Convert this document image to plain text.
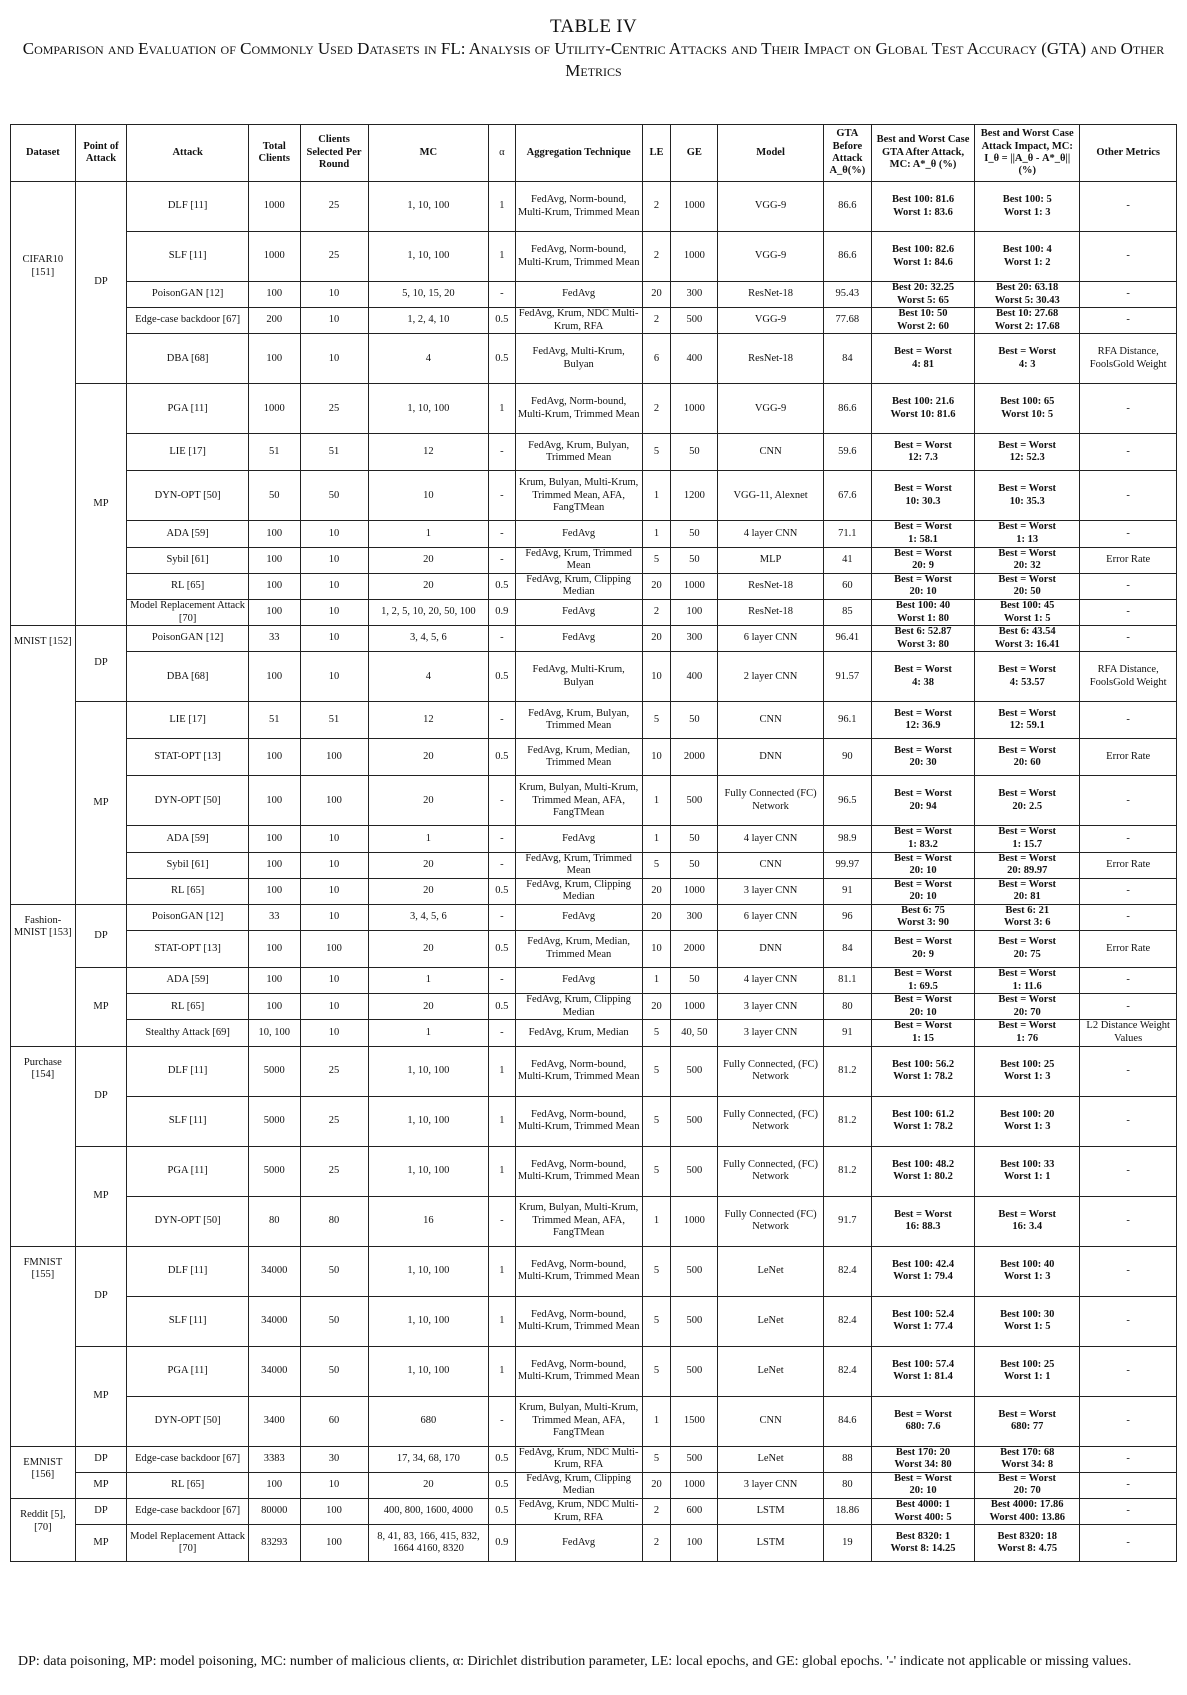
TABLE IV
Comparison and Evaluation of Commonly Used Datasets in FL: Analysis of Utility-Centric Attacks and Their Impact on Global Test Accuracy (GTA) and Other Metrics
Dataset	Point of Attack	Attack	Total Clients	Clients Selected Per Round	MC	α	Aggregation Technique	LE	GE	Model	GTA Before Attack A_θ(%)	Best and Worst Case GTA After Attack, MC: A*_θ (%)	Best and Worst Case Attack Impact, MC: I_θ = ||A_θ - A*_θ|| (%)	Other Metrics
CIFAR10 [151]	DP	DLF [11]	1000	25	1, 10, 100	1	FedAvg, Norm-bound, Multi-Krum, Trimmed Mean	2	1000	VGG-9	86.6	Best 100: 81.6
Worst 1: 83.6	Best 100: 5
Worst 1: 3	-
		SLF [11]	1000	25	1, 10, 100	1	FedAvg, Norm-bound, Multi-Krum, Trimmed Mean	2	1000	VGG-9	86.6	Best 100: 82.6
Worst 1: 84.6	Best 100: 4
Worst 1: 2	-
		PoisonGAN [12]	100	10	5, 10, 15, 20	-	FedAvg	20	300	ResNet-18	95.43	Best 20: 32.25
Worst 5: 65	Best 20: 63.18
Worst 5: 30.43	-
		Edge-case backdoor [67]	200	10	1, 2, 4, 10	0.5	FedAvg, Krum, NDC Multi-Krum, RFA	2	500	VGG-9	77.68	Best 10: 50
Worst 2: 60	Best 10: 27.68
Worst 2: 17.68	-
		DBA [68]	100	10	4	0.5	FedAvg, Multi-Krum, Bulyan	6	400	ResNet-18	84	Best = Worst
4: 81	Best = Worst
4: 3	RFA Distance, FoolsGold Weight
	MP	PGA [11]	1000	25	1, 10, 100	1	FedAvg, Norm-bound, Multi-Krum, Trimmed Mean	2	1000	VGG-9	86.6	Best 100: 21.6
Worst 10: 81.6	Best 100: 65
Worst 10: 5	-
		LIE [17]	51	51	12	-	FedAvg, Krum, Bulyan, Trimmed Mean	5	50	CNN	59.6	Best = Worst
12: 7.3	Best = Worst
12: 52.3	-
		DYN-OPT [50]	50	50	10	-	Krum, Bulyan, Multi-Krum, Trimmed Mean, AFA, FangTMean	1	1200	VGG-11, Alexnet	67.6	Best = Worst
10: 30.3	Best = Worst
10: 35.3	-
		ADA [59]	100	10	1	-	FedAvg	1	50	4 layer CNN	71.1	Best = Worst
1: 58.1	Best = Worst
1: 13	-
		Sybil [61]	100	10	20	-	FedAvg, Krum, Trimmed Mean	5	50	MLP	41	Best = Worst
20: 9	Best = Worst
20: 32	Error Rate
		RL [65]	100	10	20	0.5	FedAvg, Krum, Clipping Median	20	1000	ResNet-18	60	Best = Worst
20: 10	Best = Worst
20: 50	-
		Model Replacement Attack [70]	100	10	1, 2, 5, 10, 20, 50, 100	0.9	FedAvg	2	100	ResNet-18	85	Best 100: 40
Worst 1: 80	Best 100: 45
Worst 1: 5	-
MNIST [152]	DP	PoisonGAN [12]	33	10	3, 4, 5, 6	-	FedAvg	20	300	6 layer CNN	96.41	Best 6: 52.87
Worst 3: 80	Best 6: 43.54
Worst 3: 16.41	-
		DBA [68]	100	10	4	0.5	FedAvg, Multi-Krum, Bulyan	10	400	2 layer CNN	91.57	Best = Worst
4: 38	Best = Worst
4: 53.57	RFA Distance, FoolsGold Weight
	MP	LIE [17]	51	51	12	-	FedAvg, Krum, Bulyan, Trimmed Mean	5	50	CNN	96.1	Best = Worst
12: 36.9	Best = Worst
12: 59.1	-
		STAT-OPT [13]	100	100	20	0.5	FedAvg, Krum, Median, Trimmed Mean	10	2000	DNN	90	Best = Worst
20: 30	Best = Worst
20: 60	Error Rate
		DYN-OPT [50]	100	100	20	-	Krum, Bulyan, Multi-Krum, Trimmed Mean, AFA, FangTMean	1	500	Fully Connected (FC) Network	96.5	Best = Worst
20: 94	Best = Worst
20: 2.5	-
		ADA [59]	100	10	1	-	FedAvg	1	50	4 layer CNN	98.9	Best = Worst
1: 83.2	Best = Worst
1: 15.7	-
		Sybil [61]	100	10	20	-	FedAvg, Krum, Trimmed Mean	5	50	CNN	99.97	Best = Worst
20: 10	Best = Worst
20: 89.97	Error Rate
		RL [65]	100	10	20	0.5	FedAvg, Krum, Clipping Median	20	1000	3 layer CNN	91	Best = Worst
20: 10	Best = Worst
20: 81	-
Fashion-MNIST [153]	DP	PoisonGAN [12]	33	10	3, 4, 5, 6	-	FedAvg	20	300	6 layer CNN	96	Best 6: 75
Worst 3: 90	Best 6: 21
Worst 3: 6	-
		STAT-OPT [13]	100	100	20	0.5	FedAvg, Krum, Median, Trimmed Mean	10	2000	DNN	84	Best = Worst
20: 9	Best = Worst
20: 75	Error Rate
	MP	ADA [59]	100	10	1	-	FedAvg	1	50	4 layer CNN	81.1	Best = Worst
1: 69.5	Best = Worst
1: 11.6	-
		RL [65]	100	10	20	0.5	FedAvg, Krum, Clipping Median	20	1000	3 layer CNN	80	Best = Worst
20: 10	Best = Worst
20: 70	-
		Stealthy Attack [69]	10, 100	10	1	-	FedAvg, Krum, Median	5	40, 50	3 layer CNN	91	Best = Worst
1: 15	Best = Worst
1: 76	L2 Distance Weight Values
Purchase [154]	DP	DLF [11]	5000	25	1, 10, 100	1	FedAvg, Norm-bound, Multi-Krum, Trimmed Mean	5	500	Fully Connected, (FC) Network	81.2	Best 100: 56.2
Worst 1: 78.2	Best 100: 25
Worst 1: 3	-
		SLF [11]	5000	25	1, 10, 100	1	FedAvg, Norm-bound, Multi-Krum, Trimmed Mean	5	500	Fully Connected, (FC) Network	81.2	Best 100: 61.2
Worst 1: 78.2	Best 100: 20
Worst 1: 3	-
	MP	PGA [11]	5000	25	1, 10, 100	1	FedAvg, Norm-bound, Multi-Krum, Trimmed Mean	5	500	Fully Connected, (FC) Network	81.2	Best 100: 48.2
Worst 1: 80.2	Best 100: 33
Worst 1: 1	-
		DYN-OPT [50]	80	80	16	-	Krum, Bulyan, Multi-Krum, Trimmed Mean, AFA, FangTMean	1	1000	Fully Connected (FC) Network	91.7	Best = Worst
16: 88.3	Best = Worst
16: 3.4	-
FMNIST [155]	DP	DLF [11]	34000	50	1, 10, 100	1	FedAvg, Norm-bound, Multi-Krum, Trimmed Mean	5	500	LeNet	82.4	Best 100: 42.4
Worst 1: 79.4	Best 100: 40
Worst 1: 3	-
		SLF [11]	34000	50	1, 10, 100	1	FedAvg, Norm-bound, Multi-Krum, Trimmed Mean	5	500	LeNet	82.4	Best 100: 52.4
Worst 1: 77.4	Best 100: 30
Worst 1: 5	-
	MP	PGA [11]	34000	50	1, 10, 100	1	FedAvg, Norm-bound, Multi-Krum, Trimmed Mean	5	500	LeNet	82.4	Best 100: 57.4
Worst 1: 81.4	Best 100: 25
Worst 1: 1	-
		DYN-OPT [50]	3400	60	680	-	Krum, Bulyan, Multi-Krum, Trimmed Mean, AFA, FangTMean	1	1500	CNN	84.6	Best = Worst
680: 7.6	Best = Worst
680: 77	-
EMNIST [156]	DP	Edge-case backdoor [67]	3383	30	17, 34, 68, 170	0.5	FedAvg, Krum, NDC Multi-Krum, RFA	5	500	LeNet	88	Best 170: 20
Worst 34: 80	Best 170: 68
Worst 34: 8	-
	MP	RL [65]	100	10	20	0.5	FedAvg, Krum, Clipping Median	20	1000	3 layer CNN	80	Best = Worst
20: 10	Best = Worst
20: 70	-
Reddit [5], [70]	DP	Edge-case backdoor [67]	80000	100	400, 800, 1600, 4000	0.5	FedAvg, Krum, NDC Multi-Krum, RFA	2	600	LSTM	18.86	Best 4000: 1
Worst 400: 5	Best 4000: 17.86
Worst 400: 13.86	-
	MP	Model Replacement Attack [70]	83293	100	8, 41, 83, 166, 415, 832, 1664 4160, 8320	0.9	FedAvg	2	100	LSTM	19	Best 8320: 1
Worst 8: 14.25	Best 8320: 18
Worst 8: 4.75	-
DP: data poisoning, MP: model poisoning, MC: number of malicious clients, α: Dirichlet distribution parameter, LE: local epochs, and GE: global epochs. '-' indicate not applicable or missing values.
